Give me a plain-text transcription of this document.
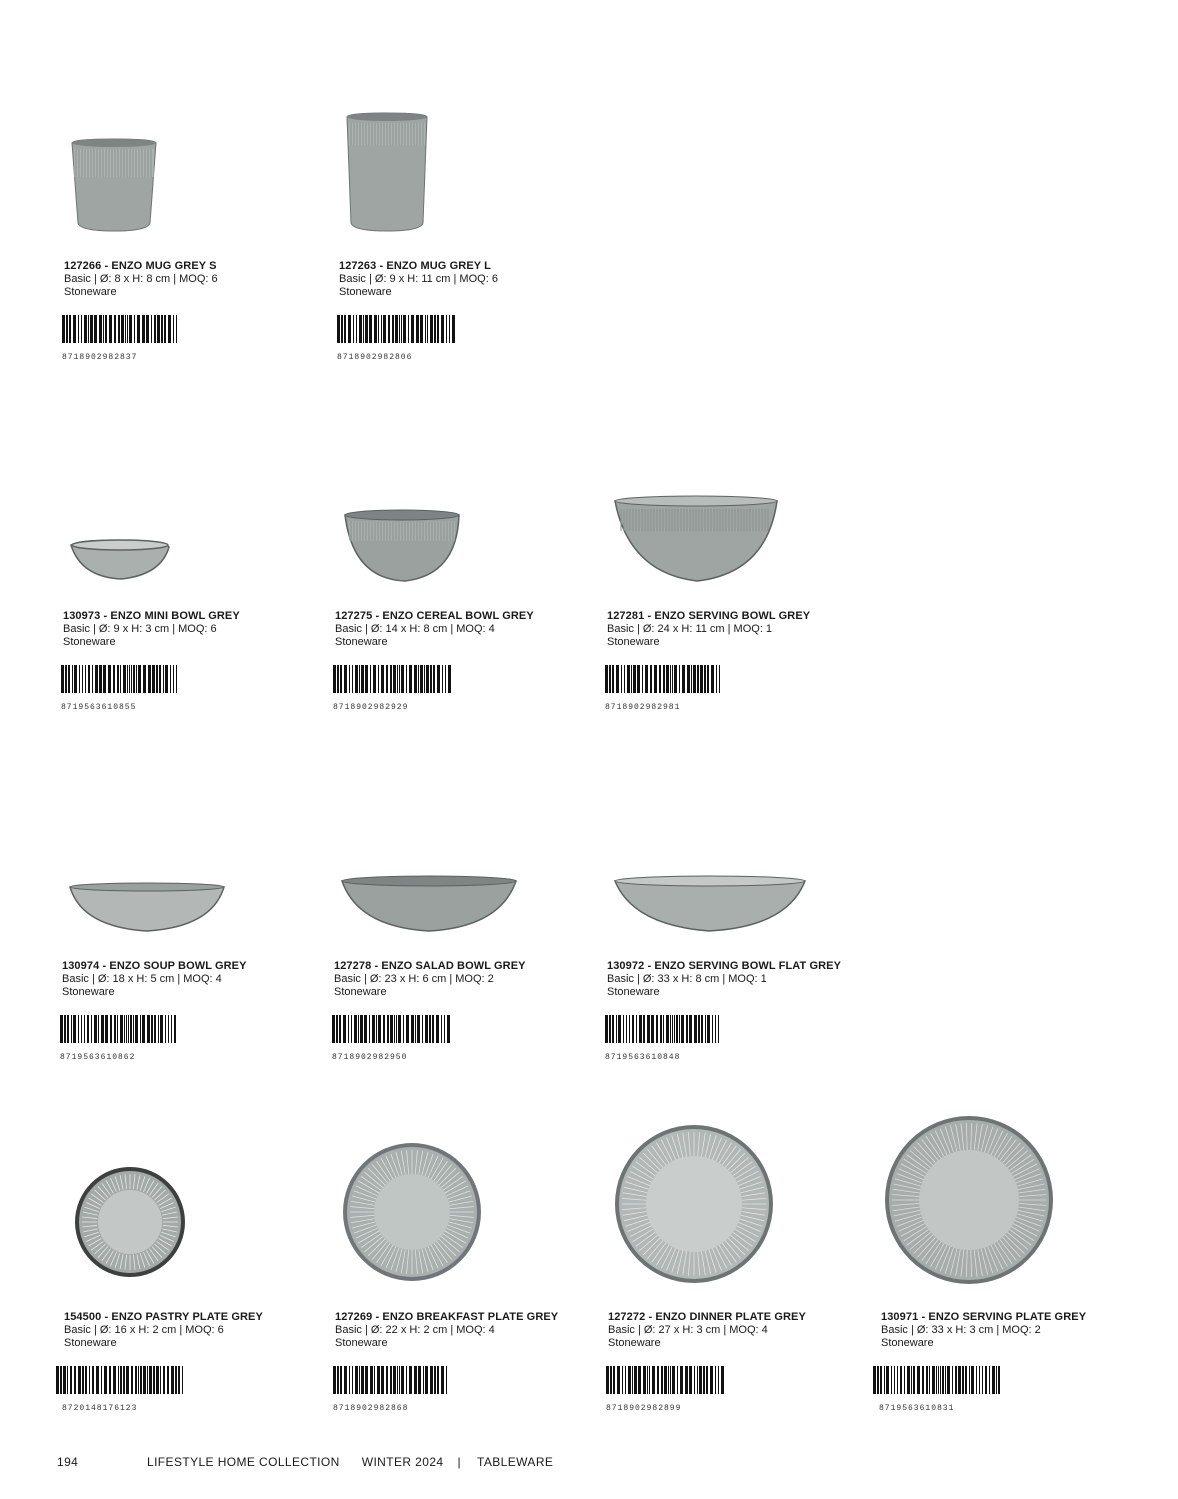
127266 - ENZO MUG GREY S
Basic | Ø: 8 x H: 8 cm | MOQ: 6
Stoneware
8718902982837
127263 - ENZO MUG GREY L
Basic | Ø: 9 x H: 11 cm | MOQ: 6
Stoneware
8718902982806
130973 - ENZO MINI BOWL GREY
Basic | Ø: 9 x H: 3 cm | MOQ: 6
Stoneware
8719563610855
127275 - ENZO CEREAL BOWL GREY
Basic | Ø: 14 x H: 8 cm | MOQ: 4
Stoneware
8718902982929
127281 - ENZO SERVING BOWL GREY
Basic | Ø: 24 x H: 11 cm | MOQ: 1
Stoneware
8718902982981
130974 - ENZO SOUP BOWL GREY
Basic | Ø: 18 x H: 5 cm | MOQ: 4
Stoneware
8719563610862
127278 - ENZO SALAD BOWL GREY
Basic | Ø: 23 x H: 6 cm | MOQ: 2
Stoneware
8718902982950
130972 - ENZO SERVING BOWL FLAT GREY
Basic | Ø: 33 x H: 8 cm | MOQ: 1
Stoneware
8719563610848
154500 - ENZO PASTRY PLATE GREY
Basic | Ø: 16 x H: 2 cm | MOQ: 6
Stoneware
8720148176123
127269 - ENZO BREAKFAST PLATE GREY
Basic | Ø: 22 x H: 2 cm | MOQ: 4
Stoneware
8718902982868
127272 - ENZO DINNER PLATE GREY
Basic | Ø: 27 x H: 3 cm | MOQ: 4
Stoneware
8718902982899
130971 - ENZO SERVING PLATE GREY
Basic | Ø: 33 x H: 3 cm | MOQ: 2
Stoneware
8719563610831
194	LIFESTYLE HOME COLLECTION WINTER 2024 | TABLEWARE
